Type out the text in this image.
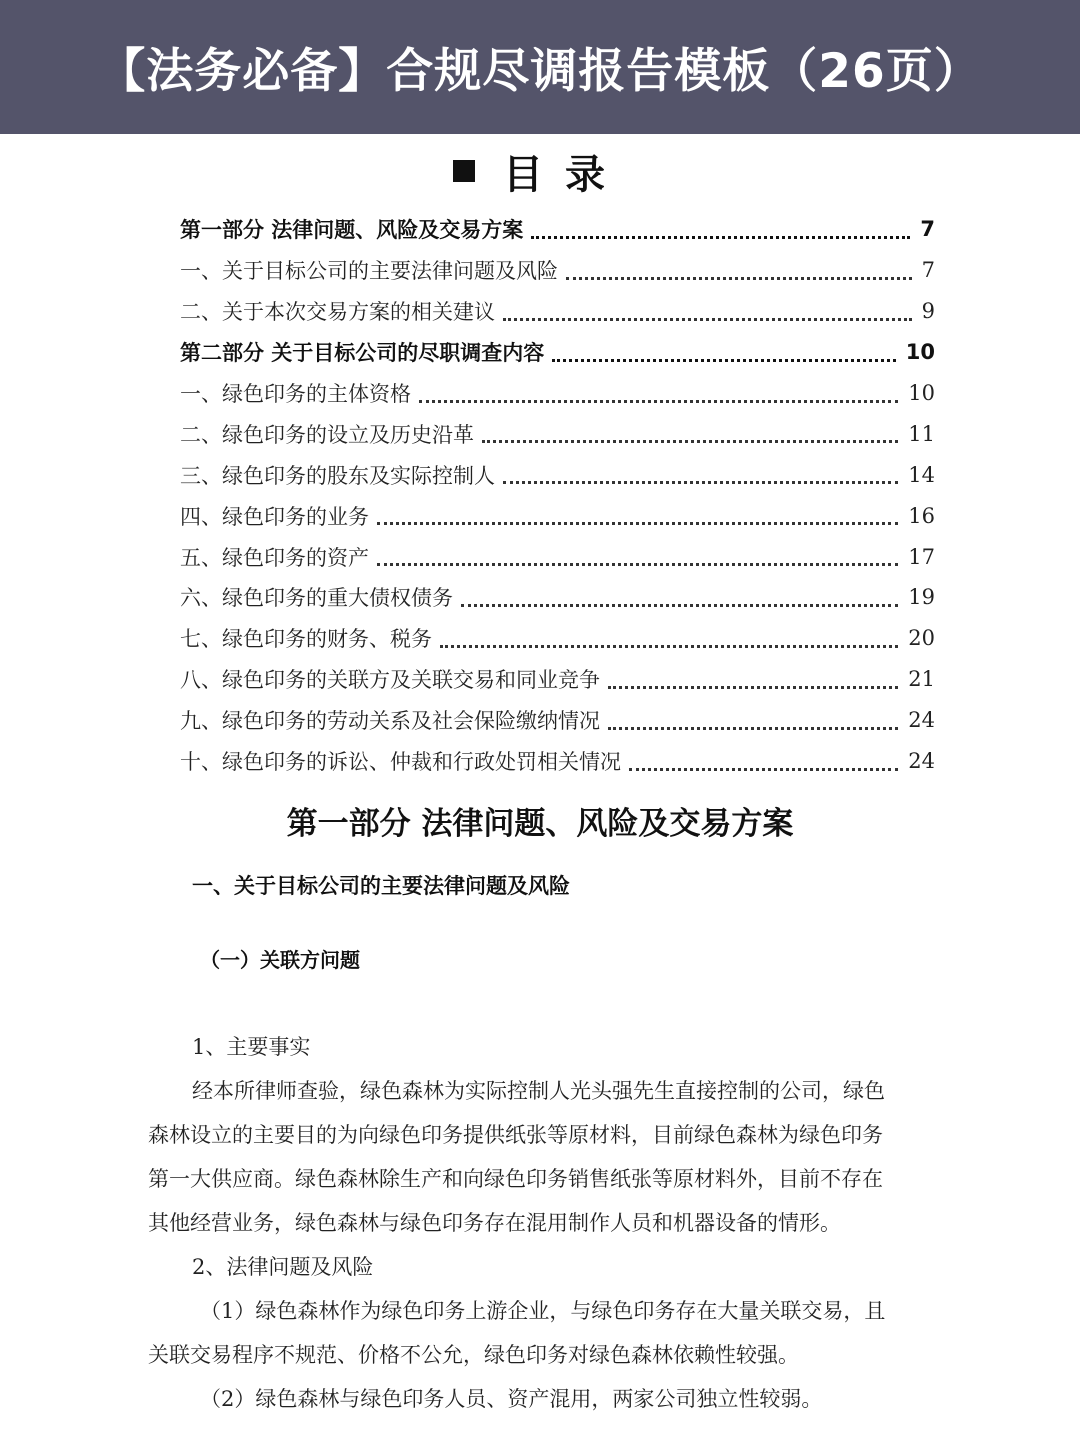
【法务必备】合规尽调报告模板（26页）
目录
第一部分 法律问题、风险及交易方案	7
一、关于目标公司的主要法律问题及风险	7
二、关于本次交易方案的相关建议	9
第二部分 关于目标公司的尽职调查内容	10
一、绿色印务的主体资格	10
二、绿色印务的设立及历史沿革	11
三、绿色印务的股东及实际控制人	14
四、绿色印务的业务	16
五、绿色印务的资产	17
六、绿色印务的重大债权债务	19
七、绿色印务的财务、税务	20
八、绿色印务的关联方及关联交易和同业竞争	21
九、绿色印务的劳动关系及社会保险缴纳情况	24
十、绿色印务的诉讼、仲裁和行政处罚相关情况	24
第一部分 法律问题、风险及交易方案
一、关于目标公司的主要法律问题及风险
（一）关联方问题
1、主要事实
经本所律师查验，绿色森林为实际控制人光头强先生直接控制的公司，绿色
森林设立的主要目的为向绿色印务提供纸张等原材料，目前绿色森林为绿色印务
第一大供应商。绿色森林除生产和向绿色印务销售纸张等原材料外，目前不存在
其他经营业务，绿色森林与绿色印务存在混用制作人员和机器设备的情形。
2、法律问题及风险
（1）绿色森林作为绿色印务上游企业，与绿色印务存在大量关联交易，且
关联交易程序不规范、价格不公允，绿色印务对绿色森林依赖性较强。
（2）绿色森林与绿色印务人员、资产混用，两家公司独立性较弱。
